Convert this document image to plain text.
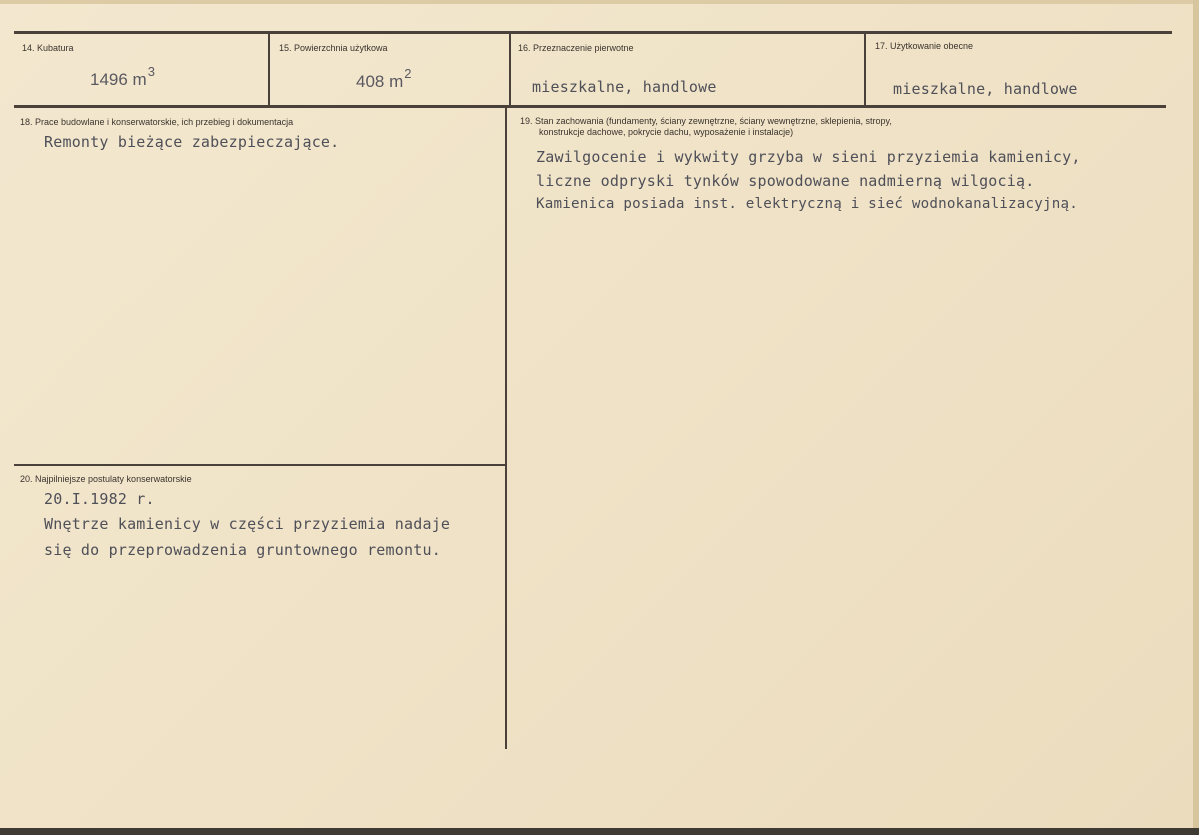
14. Kubatura
1496 $m^3$
15. Powierzchnia użytkowa
408 $m^2$
16. Przeznaczenie pierwotne
mieszkalne, handlowe
17. Użytkowanie obecne
mieszkalne, handlowe
18. Prace budowlane i konserwatorskie, ich przebieg i dokumentacja
Remonty bieżące zabezpieczające.
19. Stan zachowania (fundamenty, ściany zewnętrzne, ściany wewnętrzne, sklepienia, stropy,
konstrukcje dachowe, pokrycie dachu, wyposażenie i instalacje)
Zawilgocenie i wykwity grzyba w sieni przyziemia kamienicy,
liczne odpryski tynków spowodowane nadmierną wilgocią.
Kamienica posiada inst. elektryczną i sieć wodnokanalizacyjną.
20. Najpilniejsze postulaty konserwatorskie
20.I.1982 r.
Wnętrze kamienicy w części przyziemia nadaje
się do przeprowadzenia gruntownego remontu.
